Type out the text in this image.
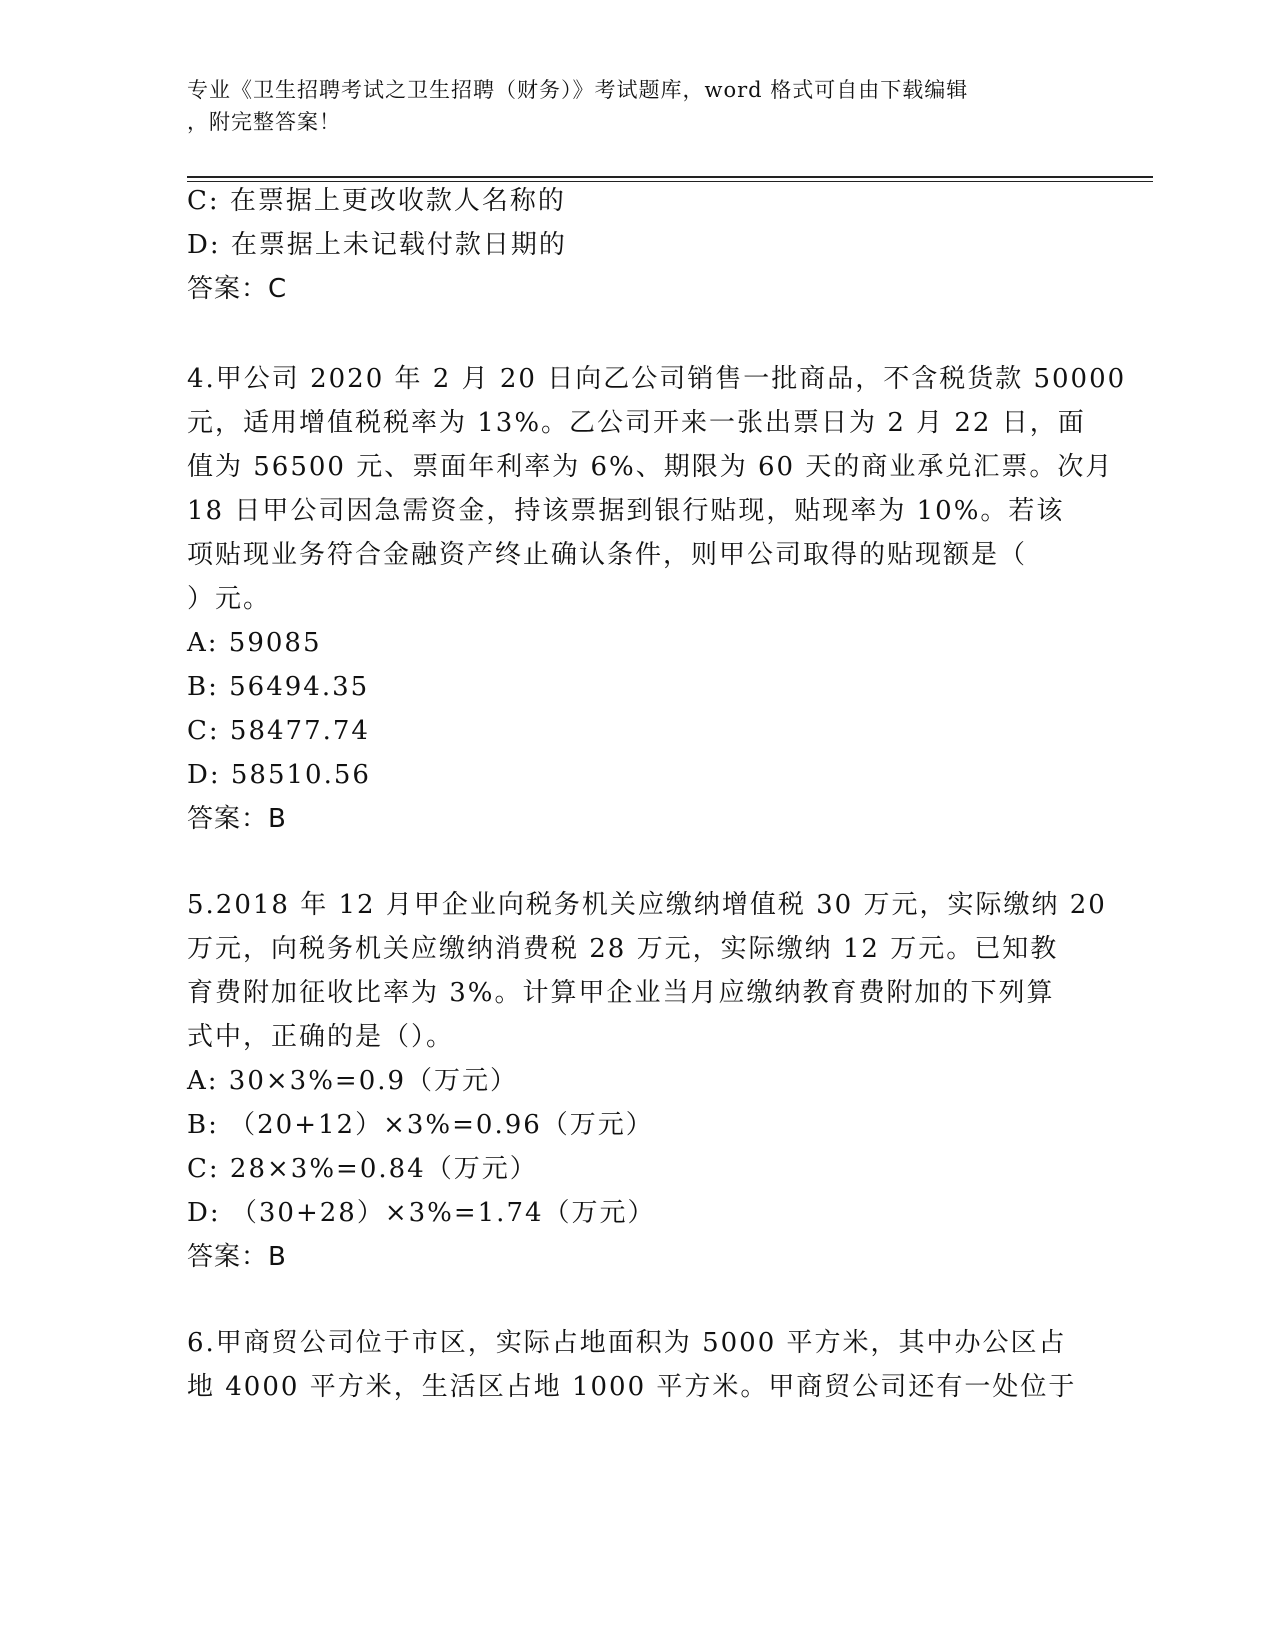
专业《卫生招聘考试之卫生招聘（财务）》考试题库，word 格式可自由下载编辑
，附完整答案！
C: 在票据上更改收款人名称的
D: 在票据上未记载付款日期的
答案：C
4.甲公司 2020 年 2 月 20 日向乙公司销售一批商品，不含税货款 50000
元，适用增值税税率为 13%。乙公司开来一张出票日为 2 月 22 日，面
值为 56500 元、票面年利率为 6%、期限为 60 天的商业承兑汇票。次月
18 日甲公司因急需资金，持该票据到银行贴现，贴现率为 10%。若该
项贴现业务符合金融资产终止确认条件，则甲公司取得的贴现额是（
）元。
A: 59085
B: 56494.35
C: 58477.74
D: 58510.56
答案：B
5.2018 年 12 月甲企业向税务机关应缴纳增值税 30 万元，实际缴纳 20
万元，向税务机关应缴纳消费税 28 万元，实际缴纳 12 万元。已知教
育费附加征收比率为 3%。计算甲企业当月应缴纳教育费附加的下列算
式中，正确的是（）。
A: 30×3%=0.9（万元）
B: （20+12）×3%=0.96（万元）
C: 28×3%=0.84（万元）
D: （30+28）×3%=1.74（万元）
答案：B
6.甲商贸公司位于市区，实际占地面积为 5000 平方米，其中办公区占
地 4000 平方米，生活区占地 1000 平方米。甲商贸公司还有一处位于
